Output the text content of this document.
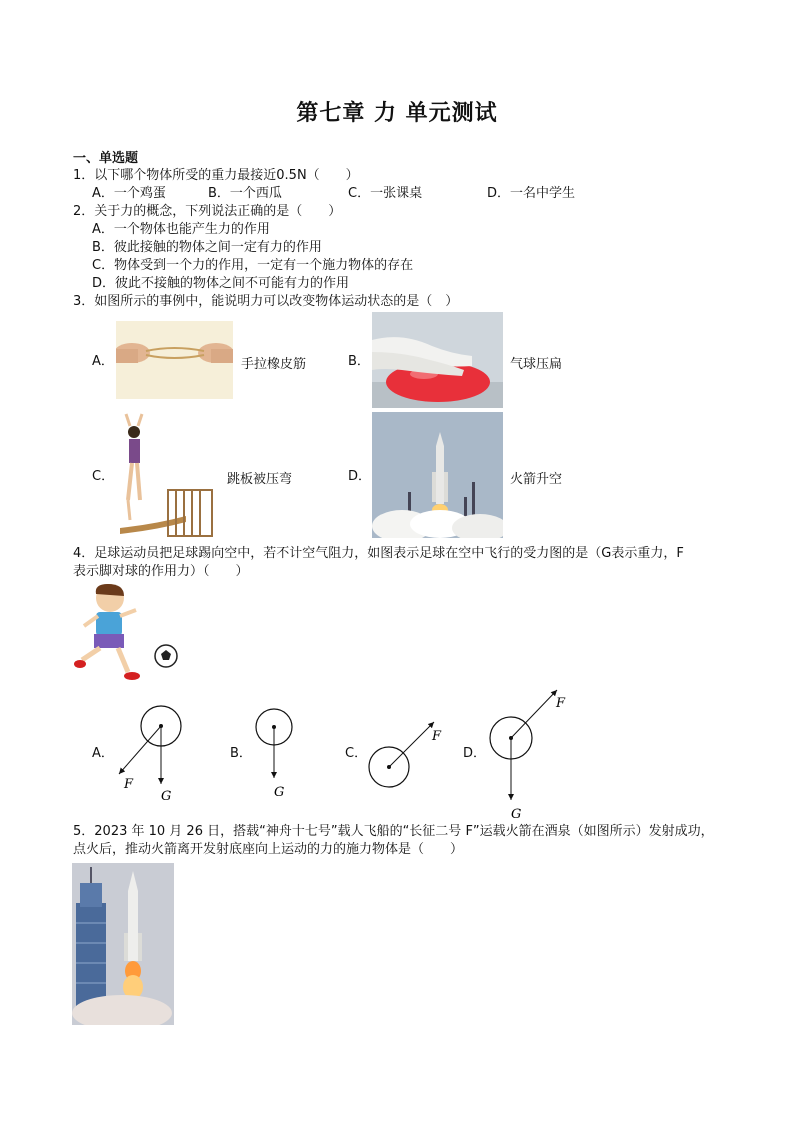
第七章 力 单元测试
一、单选题
1．以下哪个物体所受的重力最接近0.5N（　　）
A．一个鸡蛋	B．一个西瓜	C．一张课桌	D．一名中学生
2．关于力的概念，下列说法正确的是（　　）
A．一个物体也能产生力的作用
B．彼此接触的物体之间一定有力的作用
C．物体受到一个力的作用，一定有一个施力物体的存在
D．彼此不接触的物体之间不可能有力的作用
3．如图所示的事例中，能说明力可以改变物体运动状态的是（　）
A．	手拉橡皮筋	B．	气球压扁
C．	跳板被压弯	D．	火箭升空
4．足球运动员把足球踢向空中，若不计空气阻力，如图表示足球在空中飞行的受力图的是（G表示重力，F
表示脚对球的作用力）（　　）
A．	B．	C．	D．
F
G	G
F
F
G
5．2023 年 10 月 26 日，搭载“神舟十七号”载人飞船的“长征二号 F”运载火箭在酒泉（如图所示）发射成功，
点火后，推动火箭离开发射底座向上运动的力的施力物体是（　　）
